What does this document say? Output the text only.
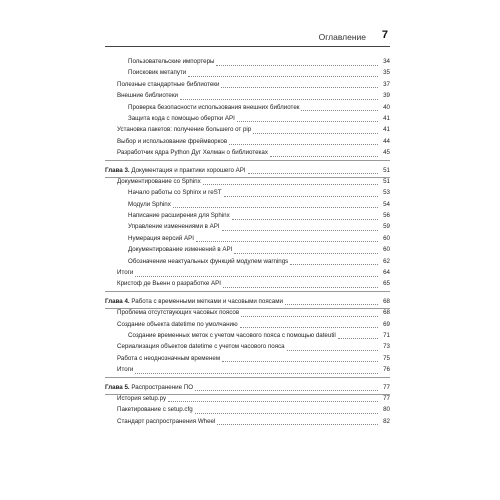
Оглавление 7
Пользовательские импортеры	34
Поисковик метапути	35
Полезные стандартные библиотеки	37
Внешние библиотеки	39
Проверка безопасности использования внешних библиотек	40
Защита кода с помощью обертки API	41
Установка пакетов: получение большего от pip	41
Выбор и использование фреймворков	44
Разработчик ядра Python Дуг Хелман о библиотеках	45
Глава 3. Документация и практики хорошего API	51
Документирование со Sphinx	51
Начало работы со Sphinx и reST	53
Модули Sphinx	54
Написание расширения для Sphinx	56
Управление изменениями в API	59
Нумерация версий API	60
Документирование изменений в API	60
Обозначение неактуальных функций модулем warnings	62
Итоги	64
Кристоф де Вьенн о разработке API	65
Глава 4. Работа с временными метками и часовыми поясами	68
Проблема отсутствующих часовых поясов	68
Создание объекта datetime по умолчанию	69
Создание временных меток с учетом часового пояса с помощью dateutil	71
Сериализация объектов datetime с учетом часового пояса	73
Работа с неоднозначным временем	75
Итоги	76
Глава 5. Распространение ПО	77
История setup.py	77
Пакетирование с setup.cfg	80
Стандарт распространения Wheel	82
